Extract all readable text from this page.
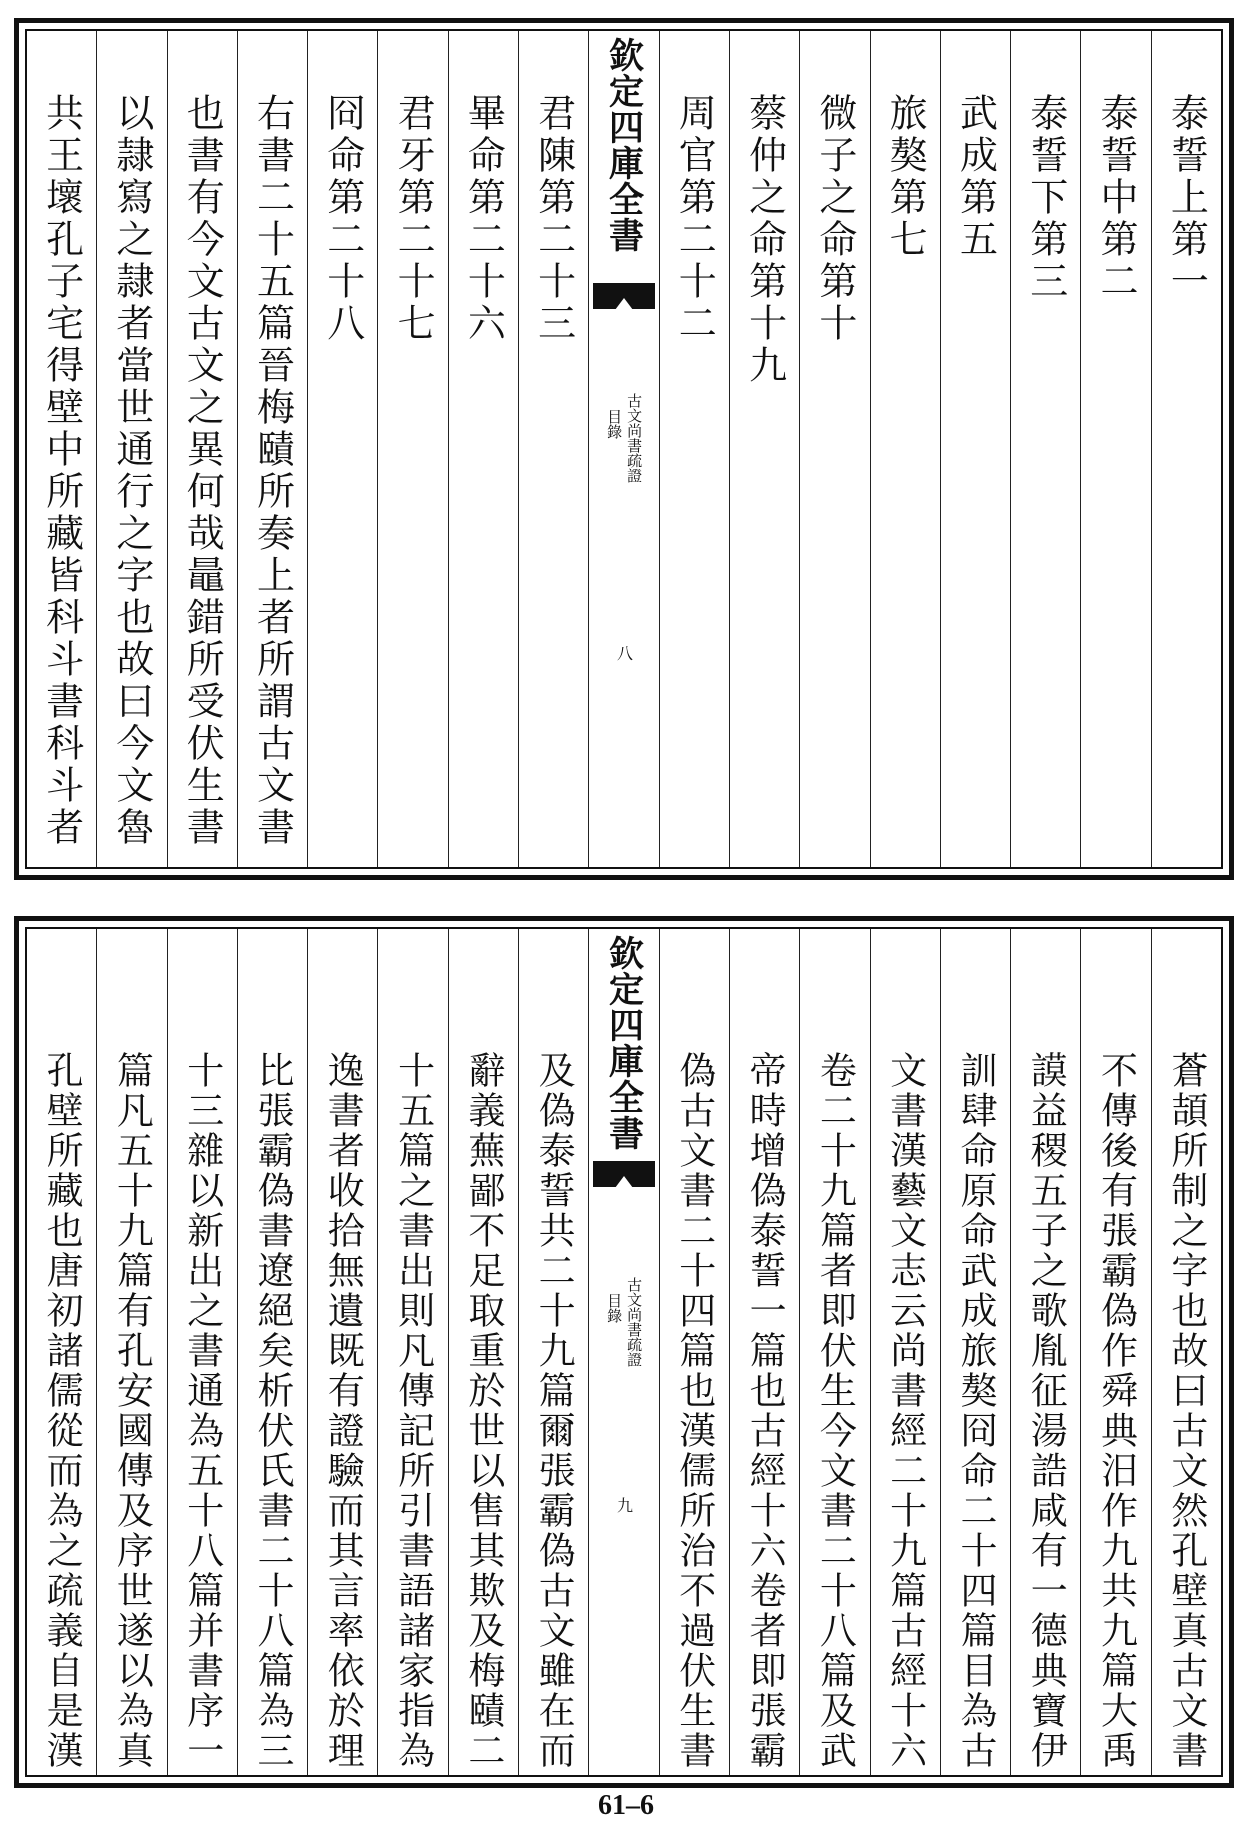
泰誓上第一
泰誓中第二
泰誓下第三
武成第五
旅獒第七
微子之命第十
蔡仲之命第十九
周官第二十二
欽定四庫全書
古文尚書疏證
目錄
八
君陳第二十三
畢命第二十六
君牙第二十七
冏命第二十八
右書二十五篇晉梅賾所奏上者所謂古文書
也書有今文古文之異何哉鼂錯所受伏生書
以隷寫之隷者當世通行之字也故曰今文魯
共王壞孔子宅得壁中所藏皆科斗書科斗者
蒼頡所制之字也故曰古文然孔壁真古文書
不傳後有張霸偽作舜典汨作九共九篇大禹
謨益稷五子之歌胤征湯誥咸有一德典寶伊
訓肆命原命武成旅獒冏命二十四篇目為古
文書漢藝文志云尚書經二十九篇古經十六
卷二十九篇者即伏生今文書二十八篇及武
帝時增偽泰誓一篇也古經十六卷者即張霸
偽古文書二十四篇也漢儒所治不過伏生書
欽定四庫全書
古文尚書疏證
目錄
九
及偽泰誓共二十九篇爾張霸偽古文雖在而
辭義蕪鄙不足取重於世以售其欺及梅賾二
十五篇之書出則凡傳記所引書語諸家指為
逸書者收拾無遺既有證驗而其言率依於理
比張霸偽書遼絕矣析伏氏書二十八篇為三
十三雜以新出之書通為五十八篇并書序一
篇凡五十九篇有孔安國傳及序世遂以為真
孔壁所藏也唐初諸儒從而為之疏義自是漢
61–6
